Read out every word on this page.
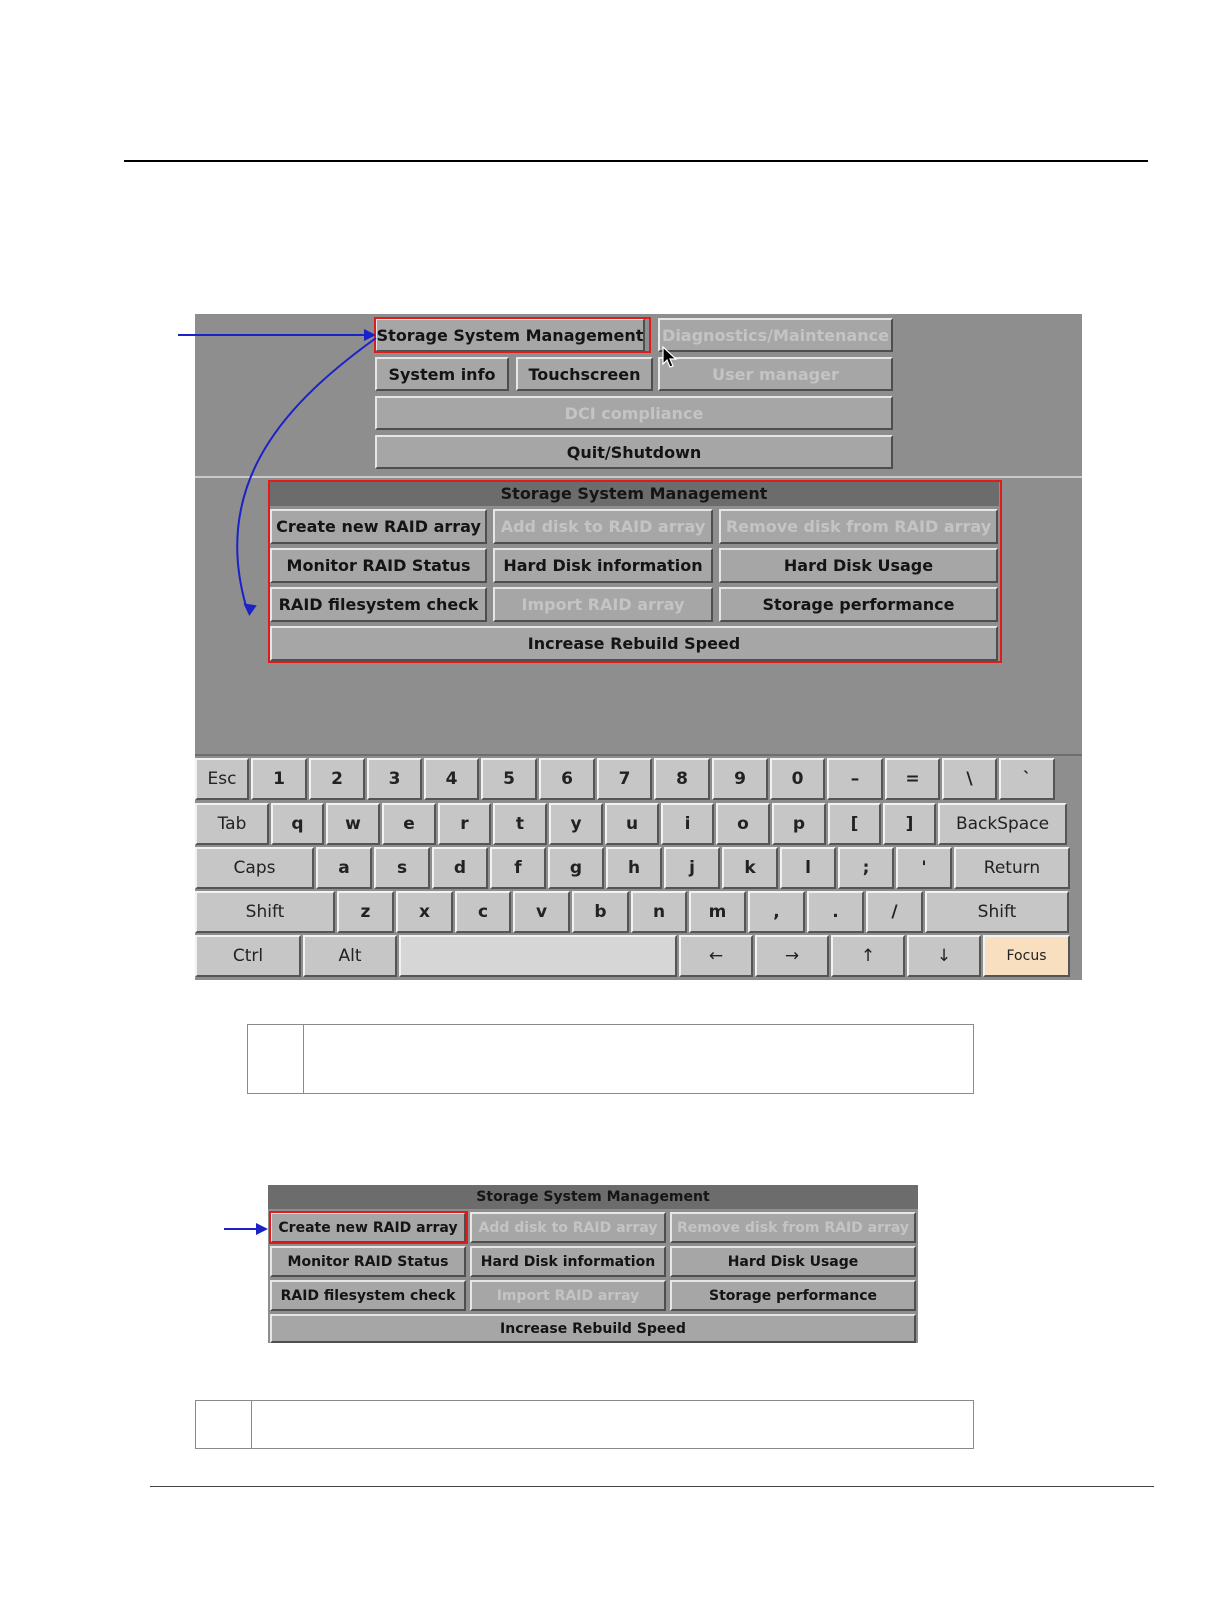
Storage System Management Diagnostics/Maintenance
System info	Touchscreen	User manager
DCI compliance
Quit/Shutdown
Storage System Management
Create new RAID array	Add disk to RAID array	Remove disk from RAID array
Monitor RAID Status	Hard Disk information	Hard Disk Usage
RAID filesystem check	Import RAID array	Storage performance
Increase Rebuild Speed
Esc	1	2	3	4	5	6	7	8	9	0	–	=	\	`
Tab	q	w	e	r	t	y	u	i	o	p	[	]	BackSpace
Caps	a	s	d	f	g	h	j	k	l	;	'	Return
Shift	z	x	c	v	b	n	m	,	.	/	Shift
Ctrl	Alt	←	→	↑	↓	Focus
Storage System Management
Create new RAID array	Add disk to RAID array	Remove disk from RAID array
Monitor RAID Status	Hard Disk information	Hard Disk Usage
RAID filesystem check	Import RAID array	Storage performance
Increase Rebuild Speed
